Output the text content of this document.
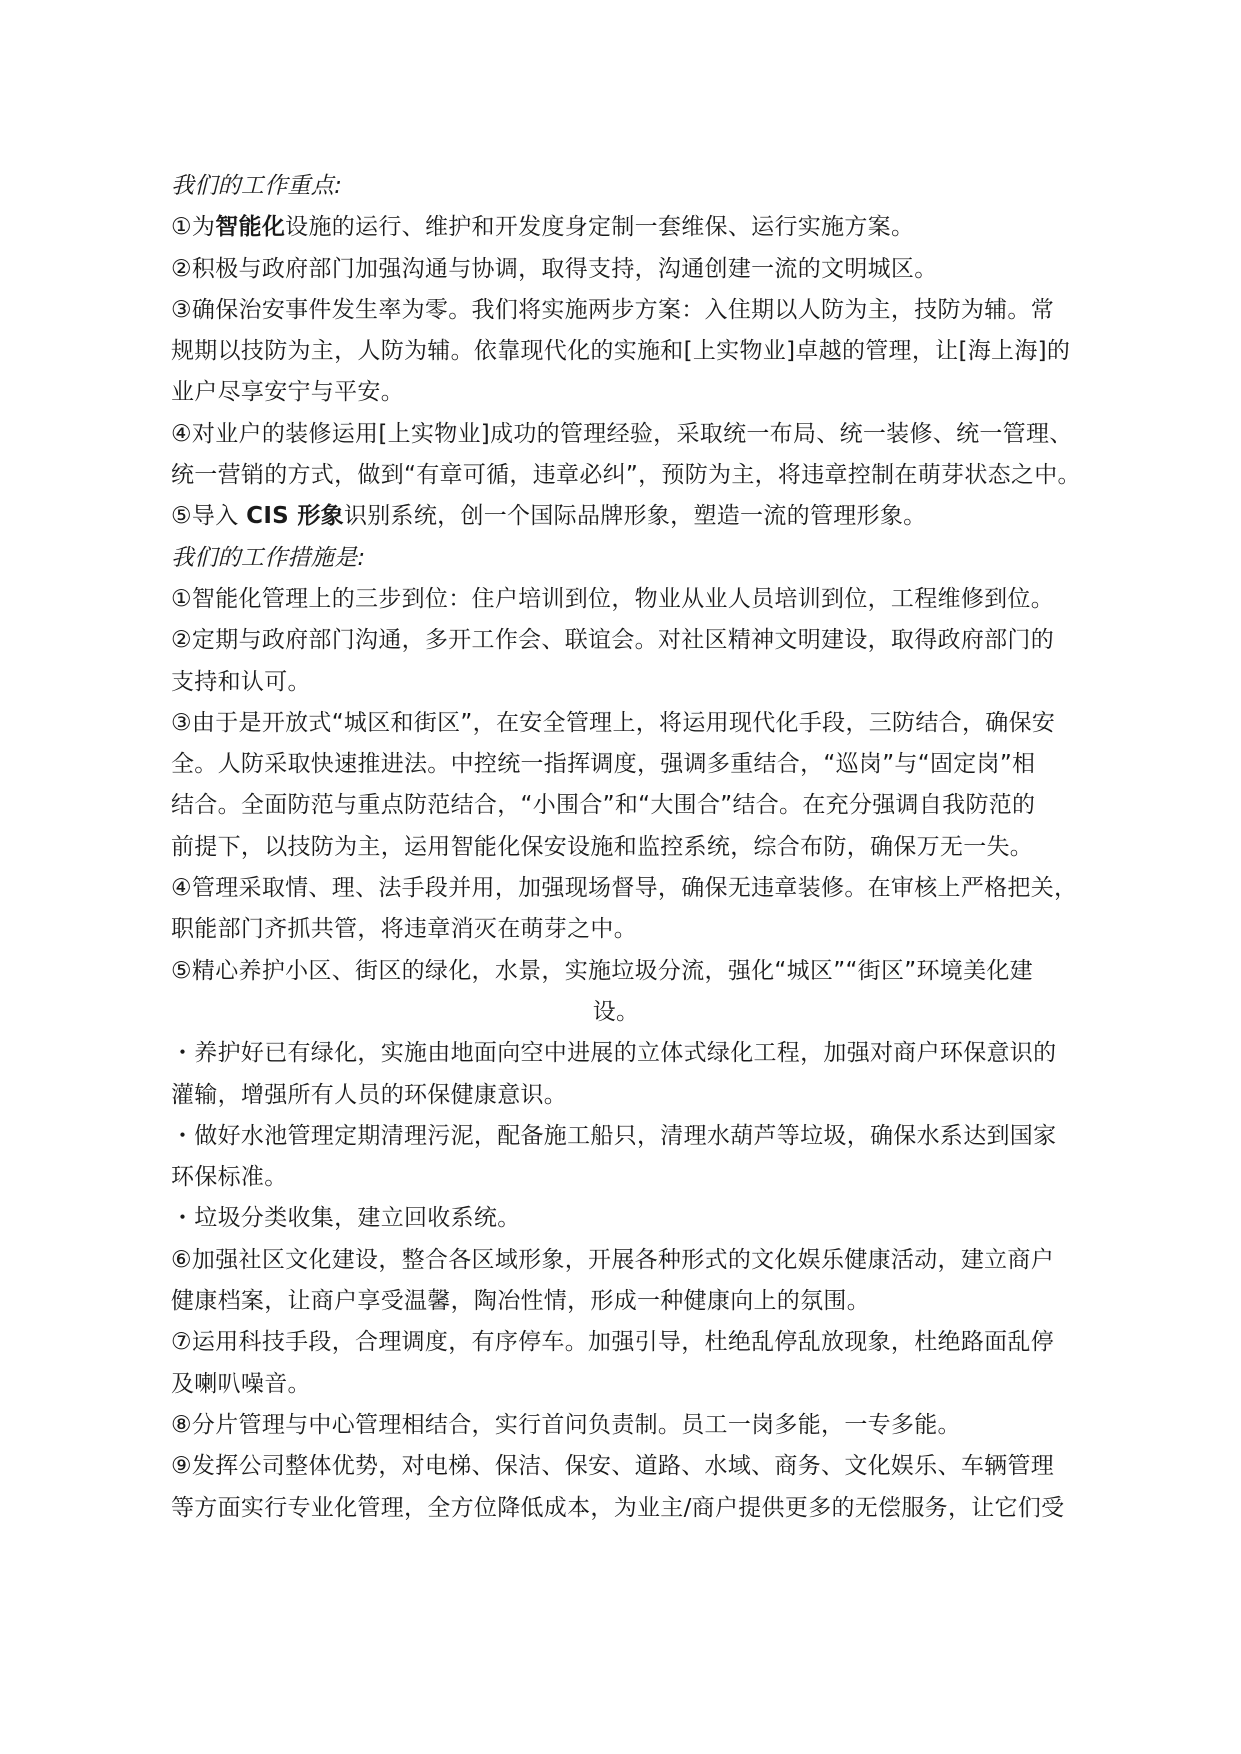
我们的工作重点:
①为智能化设施的运行、维护和开发度身定制一套维保、运行实施方案。
②积极与政府部门加强沟通与协调，取得支持，沟通创建一流的文明城区。
③确保治安事件发生率为零。我们将实施两步方案：入住期以人防为主，技防为辅。常
规期以技防为主，人防为辅。依靠现代化的实施和[上实物业]卓越的管理，让[海上海]的
业户尽享安宁与平安。
④对业户的装修运用[上实物业]成功的管理经验，采取统一布局、统一装修、统一管理、
统一营销的方式，做到“有章可循，违章必纠”，预防为主，将违章控制在萌芽状态之中。
⑤导入 CIS 形象识别系统，创一个国际品牌形象，塑造一流的管理形象。
我们的工作措施是:
①智能化管理上的三步到位：住户培训到位，物业从业人员培训到位，工程维修到位。
②定期与政府部门沟通，多开工作会、联谊会。对社区精神文明建设，取得政府部门的
支持和认可。
③由于是开放式“城区和街区”，在安全管理上，将运用现代化手段，三防结合，确保安
全。人防采取快速推进法。中控统一指挥调度，强调多重结合，“巡岗”与“固定岗”相
结合。全面防范与重点防范结合，“小围合”和“大围合”结合。在充分强调自我防范的
前提下，以技防为主，运用智能化保安设施和监控系统，综合布防，确保万无一失。
④管理采取情、理、法手段并用，加强现场督导，确保无违章装修。在审核上严格把关，
职能部门齐抓共管，将违章消灭在萌芽之中。
⑤精心养护小区、街区的绿化，水景，实施垃圾分流，强化“城区”“街区”环境美化建
设。
・养护好已有绿化，实施由地面向空中进展的立体式绿化工程，加强对商户环保意识的
灌输，增强所有人员的环保健康意识。
・做好水池管理定期清理污泥，配备施工船只，清理水葫芦等垃圾，确保水系达到国家
环保标准。
・垃圾分类收集，建立回收系统。
⑥加强社区文化建设，整合各区域形象，开展各种形式的文化娱乐健康活动，建立商户
健康档案，让商户享受温馨，陶冶性情，形成一种健康向上的氛围。
⑦运用科技手段，合理调度，有序停车。加强引导，杜绝乱停乱放现象，杜绝路面乱停
及喇叭噪音。
⑧分片管理与中心管理相结合，实行首问负责制。员工一岗多能，一专多能。
⑨发挥公司整体优势，对电梯、保洁、保安、道路、水域、商务、文化娱乐、车辆管理
等方面实行专业化管理，全方位降低成本，为业主/商户提供更多的无偿服务，让它们受
